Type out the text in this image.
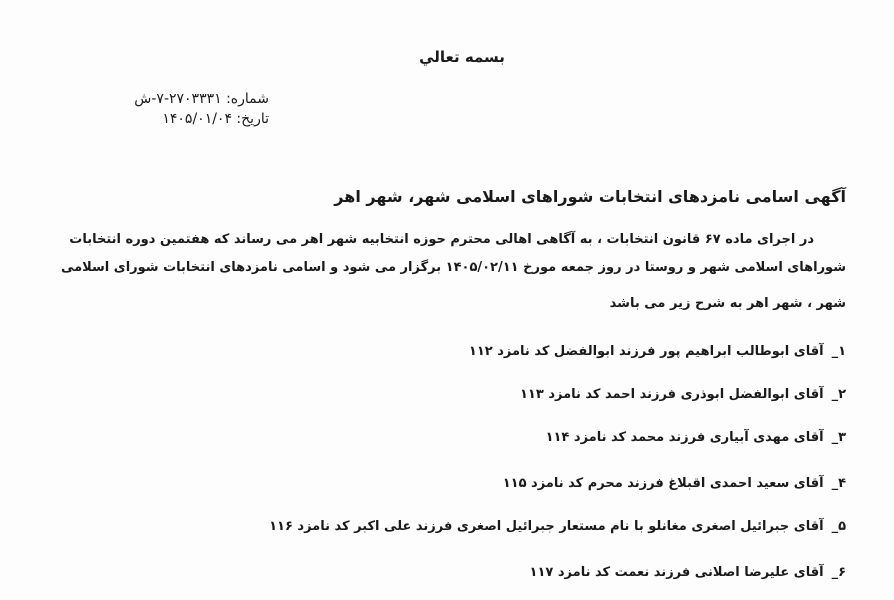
بسمه تعالي
شماره: ۲۷۰۳۳۳۱-۷-ش
تاريخ: ۱۴۰۵/۰۱/۰۴
آگهی اسامی نامزدهای انتخابات شوراهای اسلامی شهر، شهر اهر
در اجرای ماده ۶۷ قانون انتخابات ، به آگاهی اهالی محترم حوزه انتخابیه شهر اهر می رساند که هفتمین دوره انتخابات
شوراهای اسلامی شهر و روستا در روز جمعه مورخ ۱۴۰۵/۰۲/۱۱ برگزار می شود و اسامی نامزدهای انتخابات شورای اسلامی
شهر ، شهر اهر به شرح زیر می باشد
۱_آقای ابوطالب ابراهیم پور فرزند ابوالفضل کد نامزد ۱۱۲
۲_آقای ابوالفضل ابوذری فرزند احمد کد نامزد ۱۱۳
۳_آقای مهدی آبیاری فرزند محمد کد نامزد ۱۱۴
۴_آقای سعید احمدی اقبلاغ فرزند محرم کد نامزد ۱۱۵
۵_آقای جبرائیل اصغری مغانلو با نام مستعار جبرائیل اصغری فرزند علی اکبر کد نامزد ۱۱۶
۶_آقای علیرضا اصلانی فرزند نعمت کد نامزد ۱۱۷
